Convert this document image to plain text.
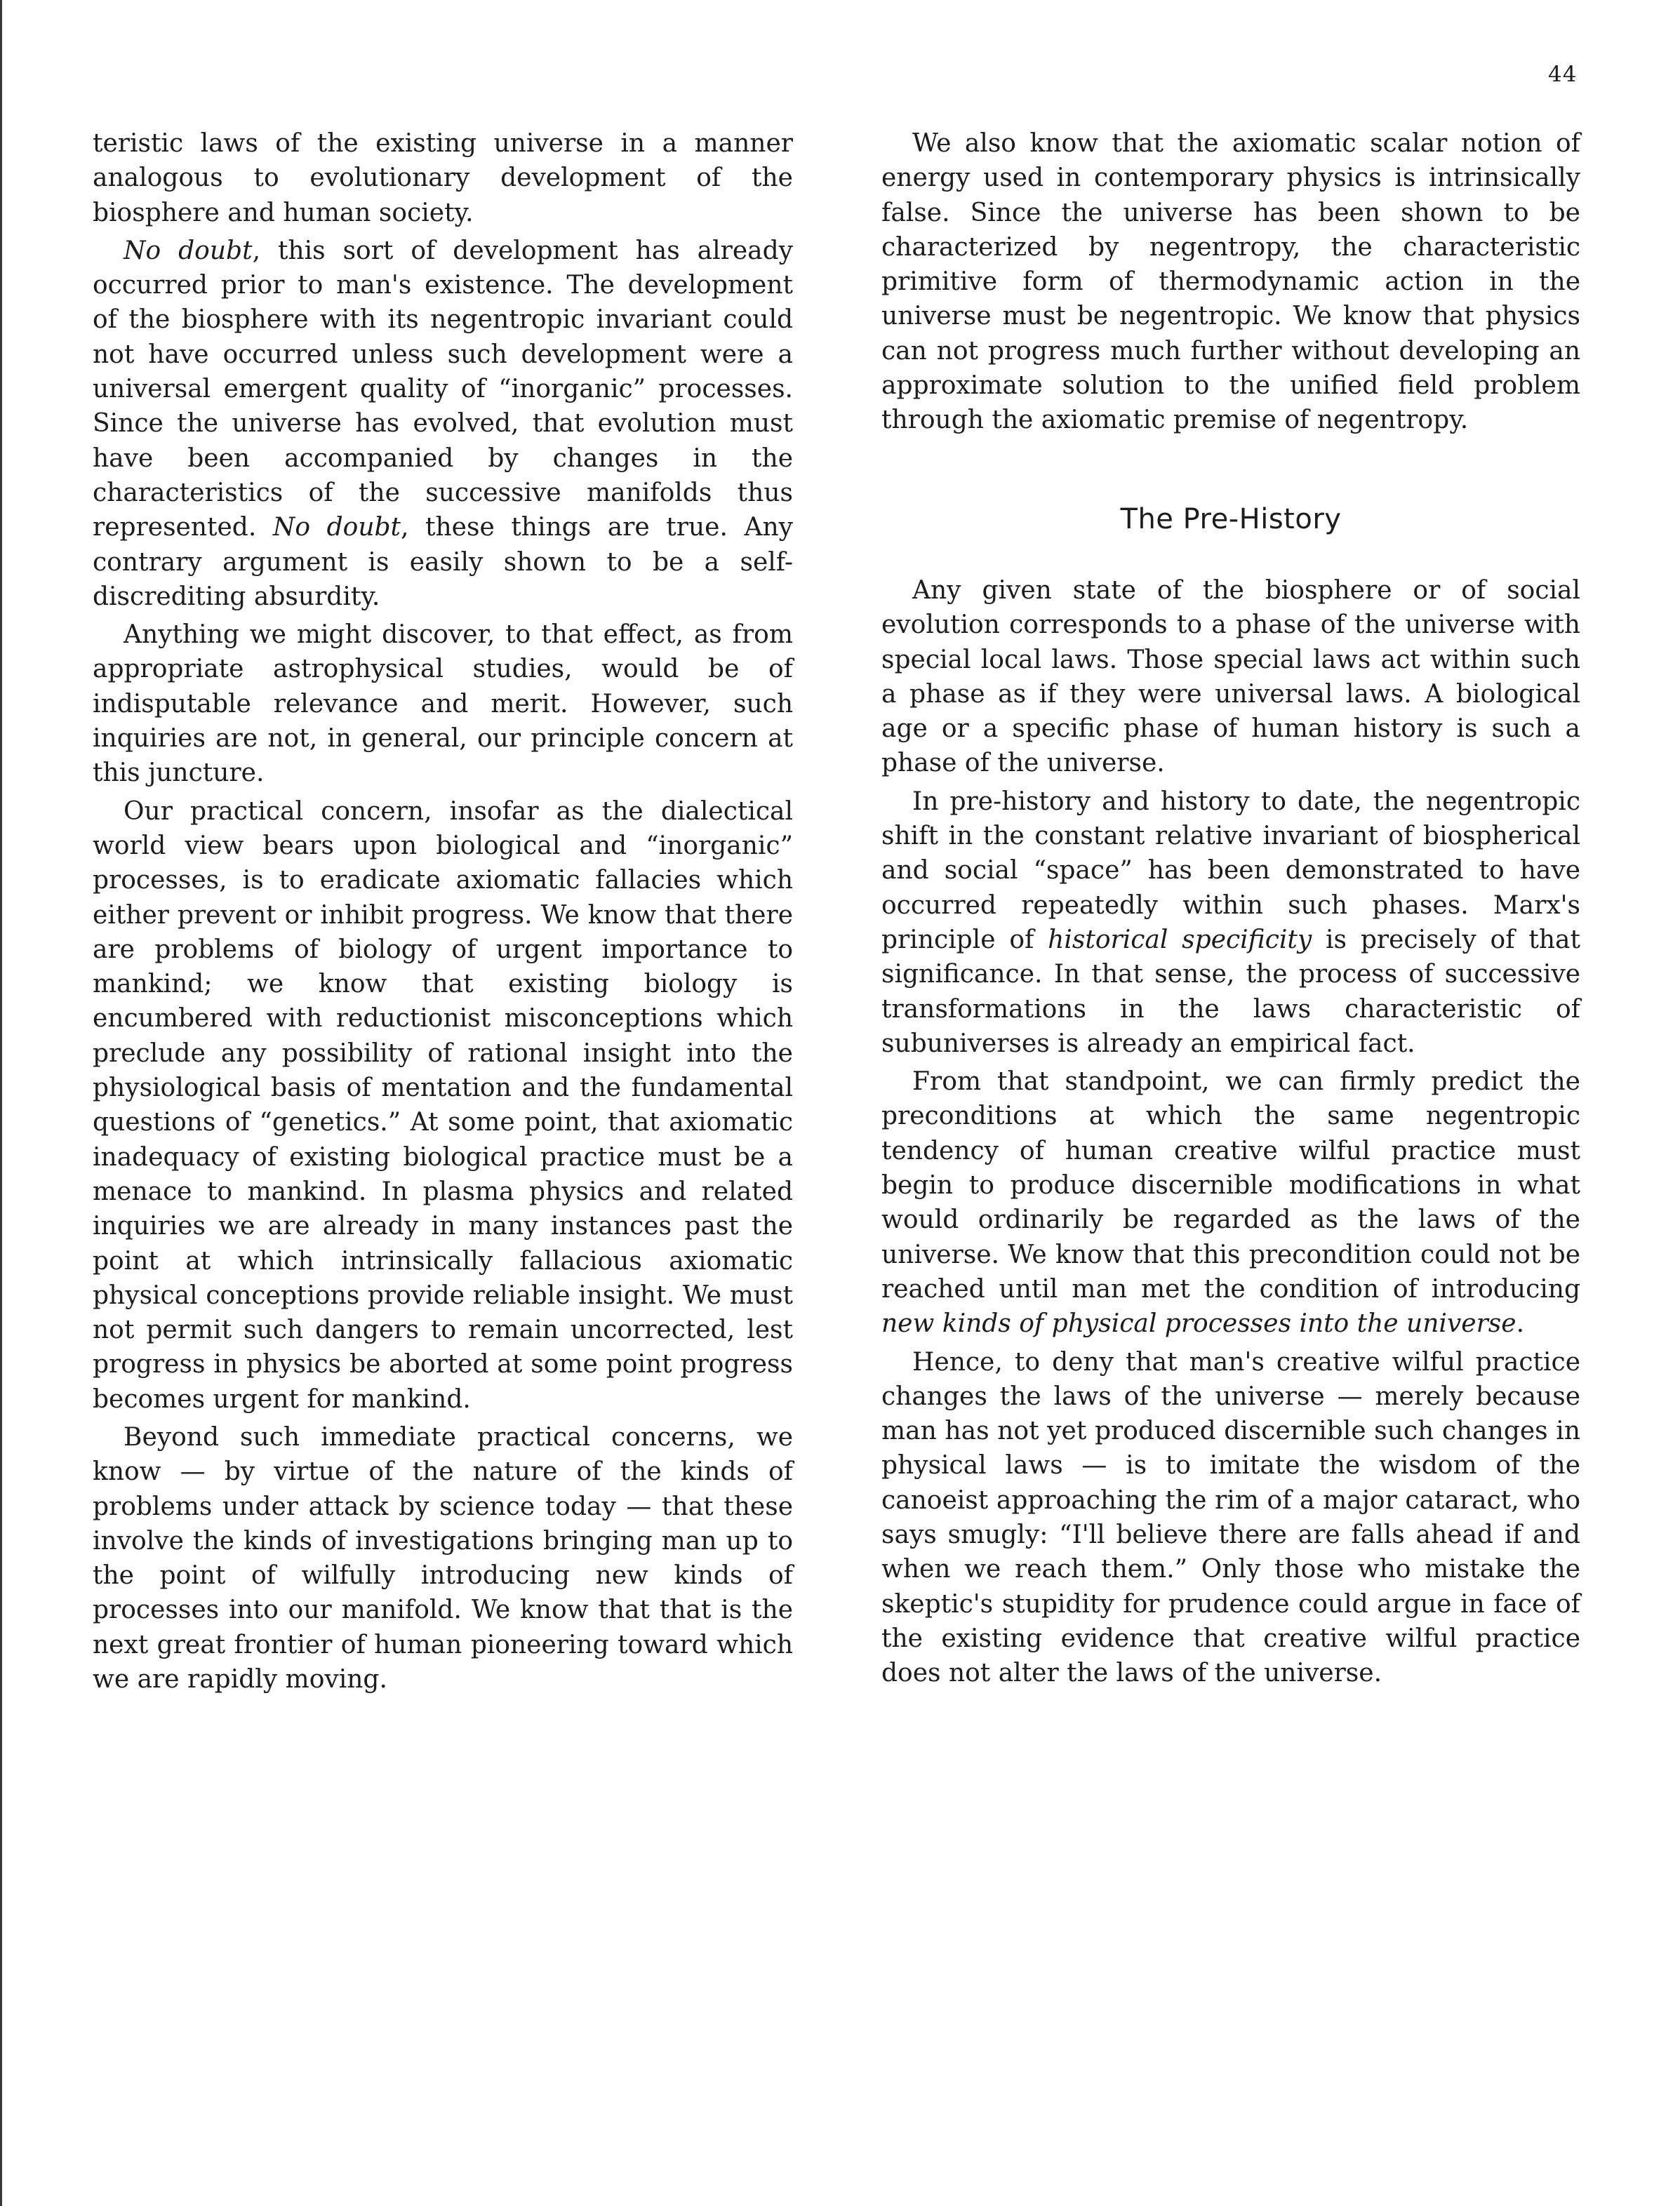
44

teristic laws of the existing universe in a manner analogous to evolutionary development of the biosphere and human society.

No doubt, this sort of development has already occurred prior to man's existence. The development of the biosphere with its negentropic invariant could not have occurred unless such development were a universal emergent quality of “inorganic” processes. Since the universe has evolved, that evolution must have been accompanied by changes in the characteristics of the successive manifolds thus represented. No doubt, these things are true. Any contrary argument is easily shown to be a self-discrediting absurdity.

Anything we might discover, to that effect, as from appropriate astrophysical studies, would be of indisputable relevance and merit. However, such inquiries are not, in general, our principle concern at this juncture.

Our practical concern, insofar as the dialectical world view bears upon biological and “inorganic” processes, is to eradicate axiomatic fallacies which either prevent or inhibit progress. We know that there are problems of biology of urgent importance to mankind; we know that existing biology is encumbered with reductionist misconceptions which preclude any possibility of rational insight into the physiological basis of mentation and the fundamental questions of “genetics.” At some point, that axiomatic inadequacy of existing biological practice must be a menace to mankind. In plasma physics and related inquiries we are already in many instances past the point at which intrinsically fallacious axiomatic physical conceptions provide reliable insight. We must not permit such dangers to remain uncorrected, lest progress in physics be aborted at some point progress becomes urgent for mankind.

Beyond such immediate practical concerns, we know — by virtue of the nature of the kinds of problems under attack by science today — that these involve the kinds of investigations bringing man up to the point of wilfully introducing new kinds of processes into our manifold. We know that that is the next great frontier of human pioneering toward which we are rapidly moving.

We also know that the axiomatic scalar notion of energy used in contemporary physics is intrinsically false. Since the universe has been shown to be characterized by negentropy, the characteristic primitive form of thermodynamic action in the universe must be negentropic. We know that physics can not progress much further without developing an approximate solution to the unified field problem through the axiomatic premise of negentropy.

The Pre-History

Any given state of the biosphere or of social evolution corresponds to a phase of the universe with special local laws. Those special laws act within such a phase as if they were universal laws. A biological age or a specific phase of human history is such a phase of the universe.

In pre-history and history to date, the negentropic shift in the constant relative invariant of biospherical and social “space” has been demonstrated to have occurred repeatedly within such phases. Marx's principle of historical specificity is precisely of that significance. In that sense, the process of successive transformations in the laws characteristic of subuniverses is already an empirical fact.

From that standpoint, we can firmly predict the preconditions at which the same negentropic tendency of human creative wilful practice must begin to produce discernible modifications in what would ordinarily be regarded as the laws of the universe. We know that this precondition could not be reached until man met the condition of introducing new kinds of physical processes into the universe.

Hence, to deny that man's creative wilful practice changes the laws of the universe — merely because man has not yet produced discernible such changes in physical laws — is to imitate the wisdom of the canoeist approaching the rim of a major cataract, who says smugly: “I'll believe there are falls ahead if and when we reach them.” Only those who mistake the skeptic's stupidity for prudence could argue in face of the existing evidence that creative wilful practice does not alter the laws of the universe.
